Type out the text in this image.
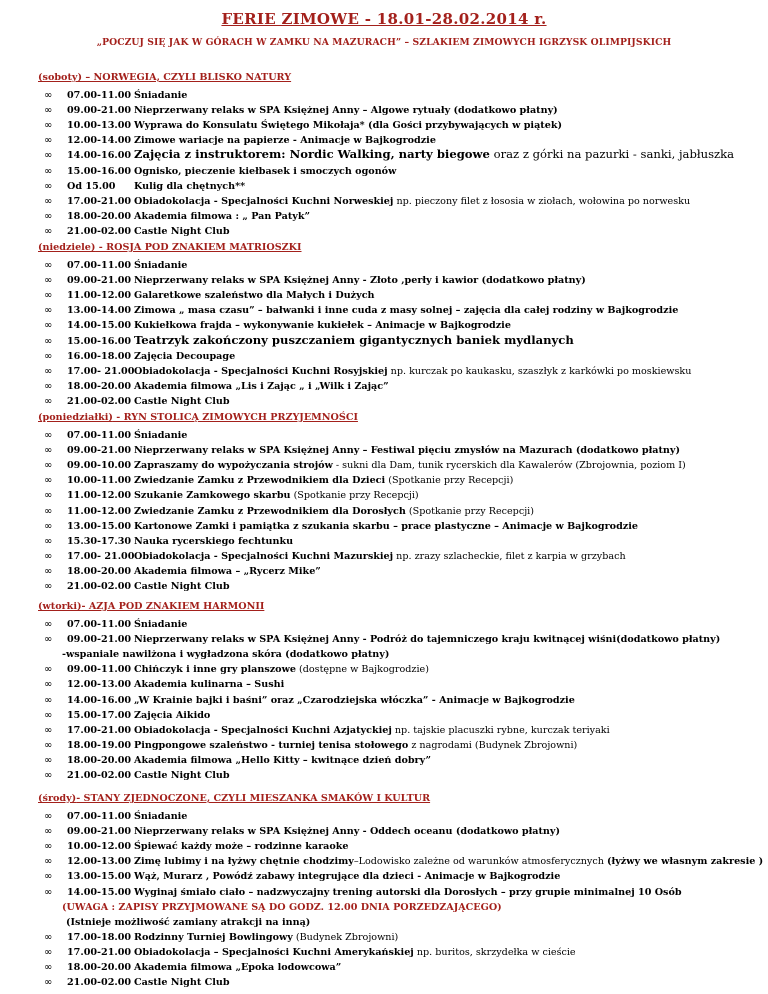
FERIE ZIMOWE - 18.01-28.02.2014 r.
„POCZUJ SIĘ JAK W GÓRACH W ZAMKU NA MAZURACH” – SZLAKIEM ZIMOWYCH IGRZYSK OLIMPIJSKICH
(soboty) – NORWEGIA, CZYLI BLISKO NATURY
∞ 07.00-11.00 Śniadanie
∞ 09.00-21.00 Nieprzerwany relaks w SPA Księżnej Anny – Algowe rytuały (dodatkowo płatny)
∞ 10.00-13.00 Wyprawa do Konsulatu Świętego Mikołaja* (dla Gości przybywających w piątek)
∞ 12.00-14.00 Zimowe wariacje na papierze - Animacje w Bajkogrodzie
∞ 14.00-16.00 Zajęcia z instruktorem: Nordic Walking, narty biegowe oraz z górki na pazurki - sanki, jabłuszka
∞ 15.00-16.00 Ognisko, pieczenie kiełbasek i smoczych ogonów
∞ Od 15.00 Kulig dla chętnych**
∞ 17.00-21.00 Obiadokolacja - Specjalności Kuchni Norweskiej np. pieczony filet z łososia w ziołach, wołowina po norwesku
∞ 18.00-20.00 Akademia filmowa : „ Pan Patyk”
∞ 21.00-02.00 Castle Night Club
(niedziele) - ROSJA POD ZNAKIEM MATRIOSZKI
∞ 07.00-11.00 Śniadanie
∞ 09.00-21.00 Nieprzerwany relaks w SPA Księżnej Anny - Złoto ,perły i kawior (dodatkowo płatny)
∞ 11.00-12.00 Galaretkowe szaleństwo dla Małych i Dużych
∞ 13.00-14.00 Zimowa „ masa czasu” – bałwanki i inne cuda z masy solnej – zajęcia dla całej rodziny w Bajkogrodzie
∞ 14.00-15.00 Kukiełkowa frajda – wykonywanie kukiełek – Animacje w Bajkogrodzie
∞ 15.00-16.00 Teatrzyk zakończony puszczaniem gigantycznych baniek mydlanych
∞ 16.00-18.00 Zajęcia Decoupage
∞ 17.00- 21.00 Obiadokolacja - Specjalności Kuchni Rosyjskiej np. kurczak po kaukasku, szaszłyk z karkówki po moskiewsku
∞ 18.00-20.00 Akademia filmowa „Lis i Zając „ i „Wilk i Zając”
∞ 21.00-02.00 Castle Night Club
(poniedziałki) - RYN STOLICĄ ZIMOWYCH PRZYJEMNOŚCI
∞ 07.00-11.00 Śniadanie
∞ 09.00-21.00 Nieprzerwany relaks w SPA Księżnej Anny – Festiwal pięciu zmysłów na Mazurach (dodatkowo płatny)
∞ 09.00-10.00 Zapraszamy do wypożyczania strojów - sukni dla Dam, tunik rycerskich dla Kawalerów (Zbrojownia, poziom I)
∞ 10.00-11.00 Zwiedzanie Zamku z Przewodnikiem dla Dzieci (Spotkanie przy Recepcji)
∞ 11.00-12.00 Szukanie Zamkowego skarbu (Spotkanie przy Recepcji)
∞ 11.00-12.00 Zwiedzanie Zamku z Przewodnikiem dla Dorosłych (Spotkanie przy Recepcji)
∞ 13.00-15.00 Kartonowe Zamki i pamiątka z szukania skarbu – prace plastyczne – Animacje w Bajkogrodzie
∞ 15.30-17.30 Nauka rycerskiego fechtunku
∞ 17.00- 21.00 Obiadokolacja - Specjalności Kuchni Mazurskiej np. zrazy szlacheckie, filet z karpia w grzybach
∞ 18.00-20.00 Akademia filmowa – „Rycerz Mike”
∞ 21.00-02.00 Castle Night Club
(wtorki)- AZJA POD ZNAKIEM HARMONII
∞ 07.00-11.00 Śniadanie
∞ 09.00-21.00 Nieprzerwany relaks w SPA Księżnej Anny - Podróż do tajemniczego kraju kwitnącej wiśni(dodatkowo płatny)
-wspaniale nawilżona i wygładzona skóra (dodatkowo płatny)
∞ 09.00-11.00 Chińczyk i inne gry planszowe (dostępne w Bajkogrodzie)
∞ 12.00-13.00 Akademia kulinarna – Sushi
∞ 14.00-16.00 „W Krainie bajki i baśni” oraz „Czarodziejska włóczka” - Animacje w Bajkogrodzie
∞ 15.00-17.00 Zajęcia Aikido
∞ 17.00-21.00 Obiadokolacja - Specjalności Kuchni Azjatyckiej np. tajskie placuszki rybne, kurczak teriyaki
∞ 18.00-19.00 Pingpongowe szaleństwo - turniej tenisa stołowego z nagrodami (Budynek Zbrojowni)
∞ 18.00-20.00 Akademia filmowa „Hello Kitty – kwitnące dzień dobry”
∞ 21.00-02.00 Castle Night Club
(środy)- STANY ZJEDNOCZONE, CZYLI MIESZANKA SMAKÓW I KULTUR
∞ 07.00-11.00 Śniadanie
∞ 09.00-21.00 Nieprzerwany relaks w SPA Księżnej Anny - Oddech oceanu (dodatkowo płatny)
∞ 10.00-12.00 Śpiewać każdy może – rodzinne karaoke
∞ 12.00-13.00 Zimę lubimy i na łyżwy chętnie chodzimy–Lodowisko zależne od warunków atmosferycznych (łyżwy we własnym zakresie )
∞ 13.00-15.00 Wąż, Murarz , Powódź zabawy integrujące dla dzieci - Animacje w Bajkogrodzie
∞ 14.00-15.00 Wyginaj śmiało ciało – nadzwyczajny trening autorski dla Dorosłych – przy grupie minimalnej 10 Osób
(UWAGA : ZAPISY PRZYJMOWANE SĄ DO GODZ. 12.00 DNIA PORZEDZAJĄCEGO)
(Istnieje możliwość zamiany atrakcji na inną)
∞ 17.00-18.00 Rodzinny Turniej Bowlingowy (Budynek Zbrojowni)
∞ 17.00-21.00 Obiadokolacja – Specjalności Kuchni Amerykańskiej np. buritos, skrzydełka w cieście
∞ 18.00-20.00 Akademia filmowa „Epoka lodowcowa”
∞ 21.00-02.00 Castle Night Club
